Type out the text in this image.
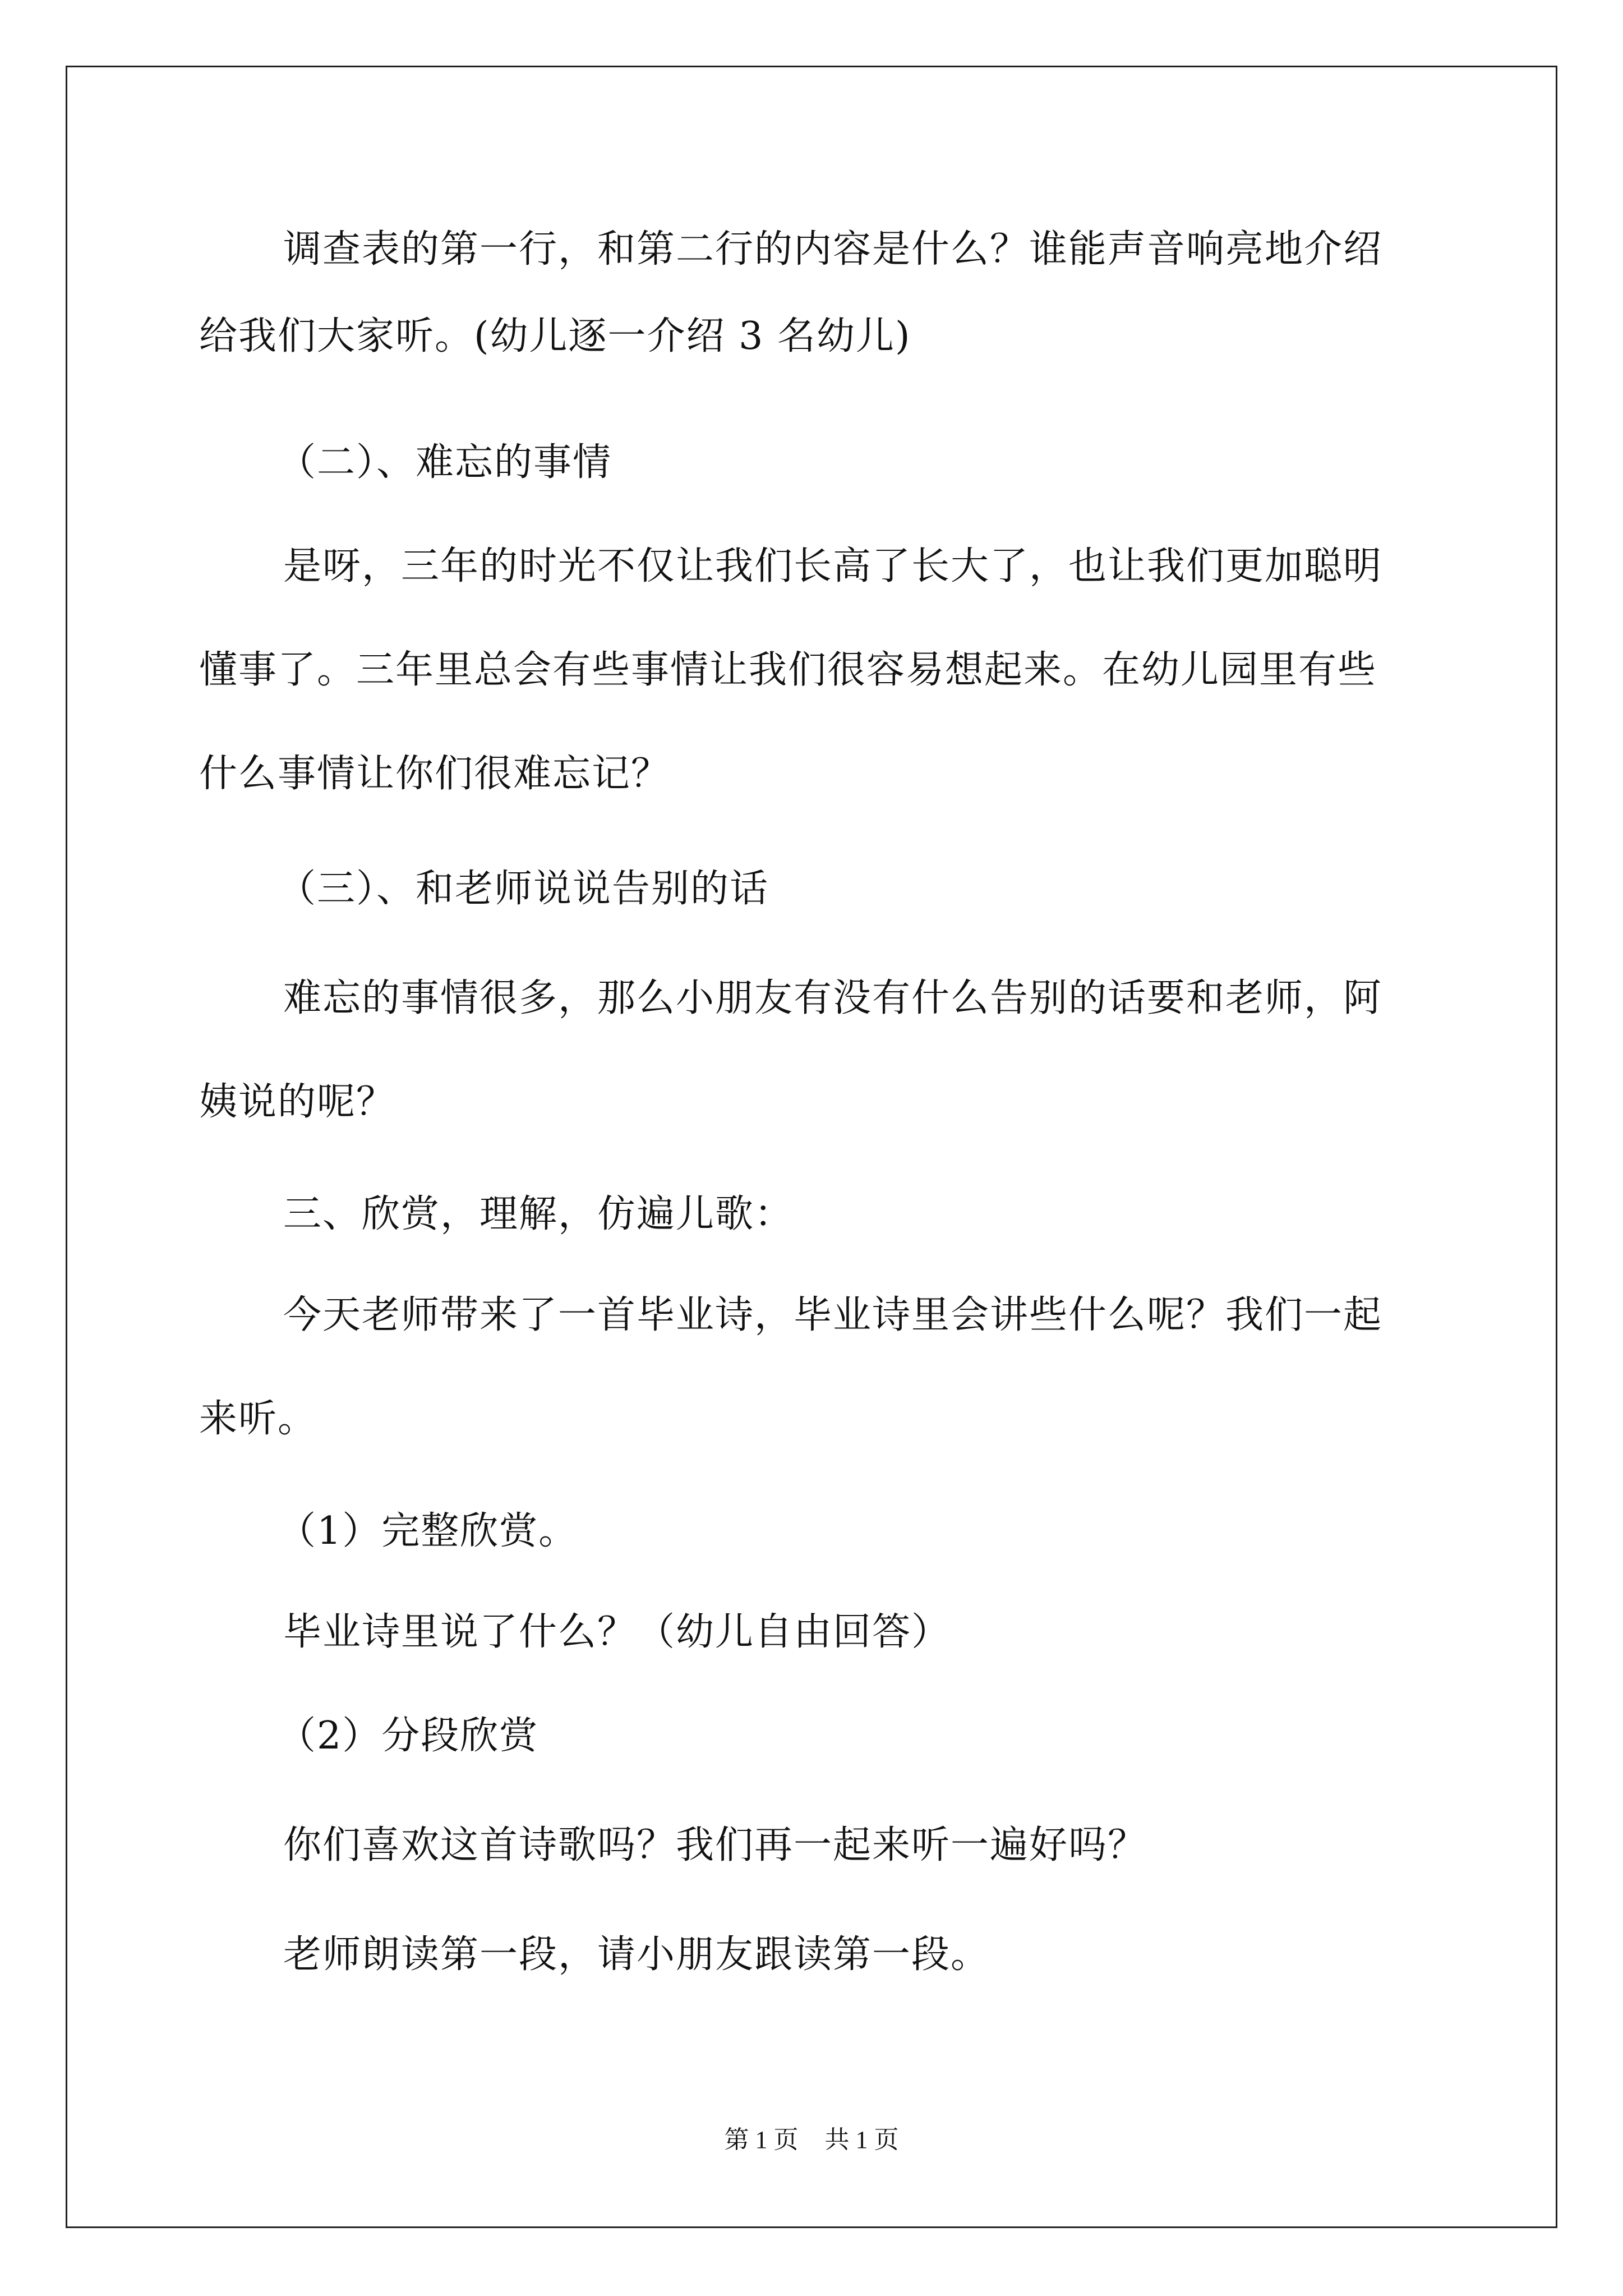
调查表的第一行，和第二行的内容是什么？谁能声音响亮地介绍
给我们大家听。(幼儿逐一介绍 3 名幼儿)
（二）、难忘的事情
是呀，三年的时光不仅让我们长高了长大了，也让我们更加聪明
懂事了。三年里总会有些事情让我们很容易想起来。在幼儿园里有些
什么事情让你们很难忘记？
（三）、和老师说说告别的话
难忘的事情很多，那么小朋友有没有什么告别的话要和老师，阿
姨说的呢？
三、欣赏，理解，仿遍儿歌：
今天老师带来了一首毕业诗，毕业诗里会讲些什么呢？我们一起
来听。
（1）完整欣赏。
毕业诗里说了什么？（幼儿自由回答）
（2）分段欣赏
你们喜欢这首诗歌吗？我们再一起来听一遍好吗？
老师朗读第一段，请小朋友跟读第一段。
第 1 页 共 1 页
